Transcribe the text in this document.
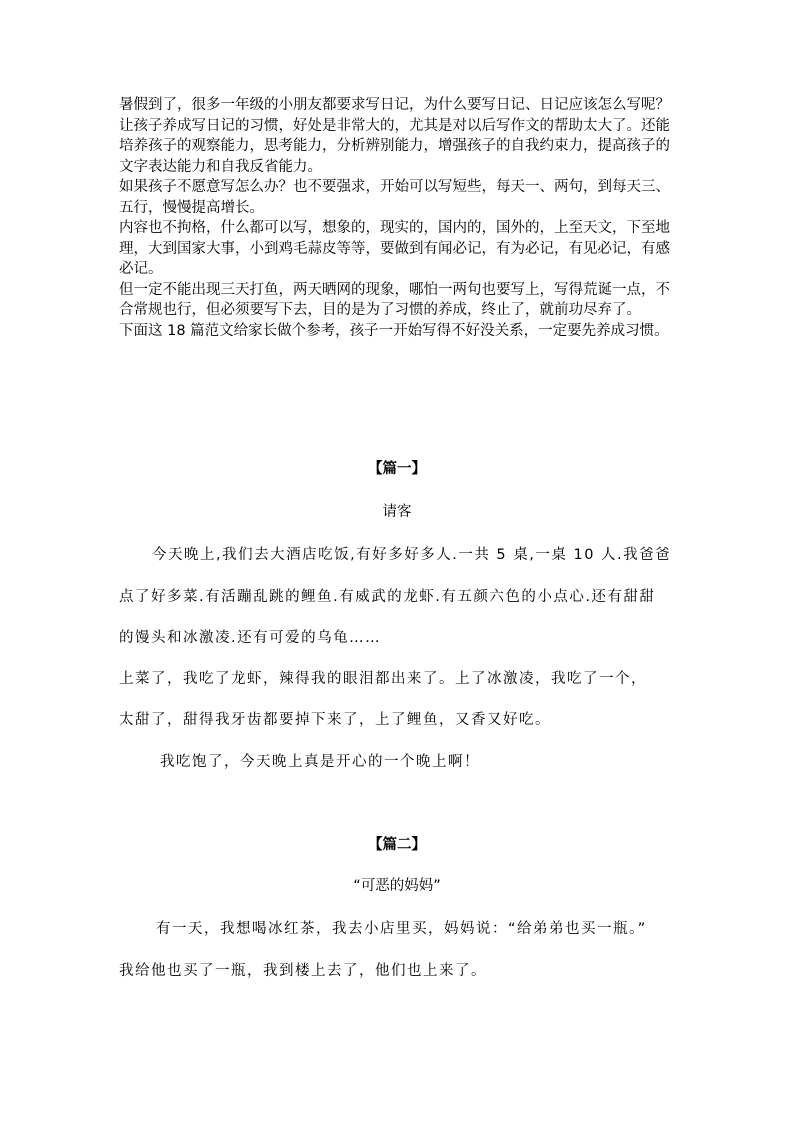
暑假到了，很多一年级的小朋友都要求写日记，为什么要写日记、日记应该怎么写呢？

让孩子养成写日记的习惯，好处是非常大的，尤其是对以后写作文的帮助太大了。还能培养孩子的观察能力，思考能力，分析辨别能力，增强孩子的自我约束力，提高孩子的文字表达能力和自我反省能力。

如果孩子不愿意写怎么办？也不要强求，开始可以写短些，每天一、两句，到每天三、五行，慢慢提高增长。

内容也不拘格，什么都可以写，想象的，现实的，国内的，国外的，上至天文，下至地理，大到国家大事，小到鸡毛蒜皮等等，要做到有闻必记，有为必记，有见必记，有感必记。

但一定不能出现三天打鱼，两天晒网的现象，哪怕一两句也要写上，写得荒诞一点，不合常规也行，但必须要写下去，目的是为了习惯的养成，终止了，就前功尽弃了。

下面这 18 篇范文给家长做个参考，孩子一开始写得不好没关系，一定要先养成习惯。

【篇一】
请客
今天晚上,我们去大酒店吃饭,有好多好多人.一共 5 桌,一桌 10 人.我爸爸
点了好多菜.有活蹦乱跳的鲤鱼.有威武的龙虾.有五颜六色的小点心.还有甜甜
的馒头和冰激凌.还有可爱的乌龟……
上菜了，我吃了龙虾，辣得我的眼泪都出来了。上了冰激凌，我吃了一个，
太甜了，甜得我牙齿都要掉下来了，上了鲤鱼，又香又好吃。
我吃饱了，今天晚上真是开心的一个晚上啊！
【篇二】
“可恶的妈妈”
有一天，我想喝冰红茶，我去小店里买，妈妈说：“给弟弟也买一瓶。”
我给他也买了一瓶，我到楼上去了，他们也上来了。
